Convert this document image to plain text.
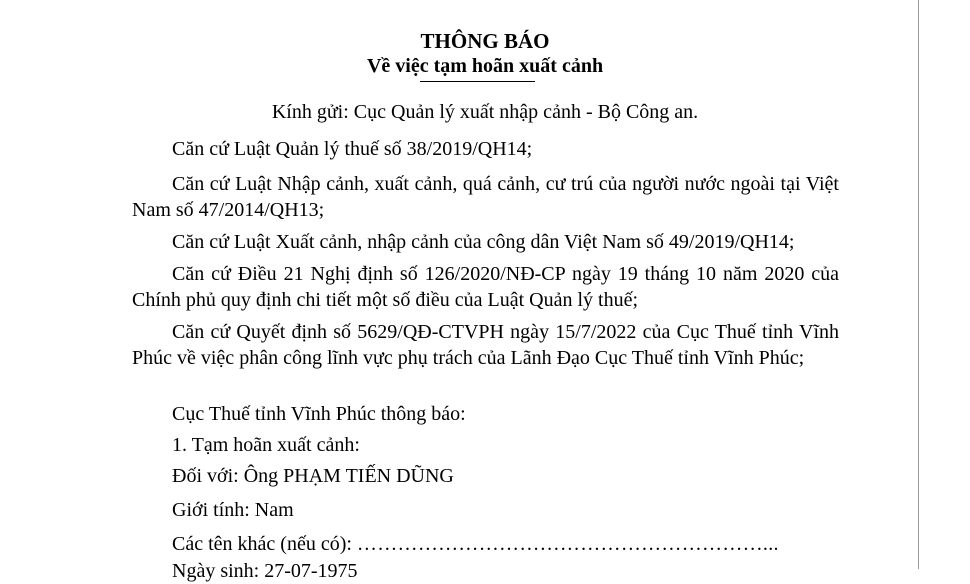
THÔNG BÁO
Về việc tạm hoãn xuất cảnh
Kính gửi: Cục Quản lý xuất nhập cảnh - Bộ Công an.
Căn cứ Luật Quản lý thuế số 38/2019/QH14;
Căn cứ Luật Nhập cảnh, xuất cảnh, quá cảnh, cư trú của người nước ngoài tại Việt Nam số 47/2014/QH13;
Căn cứ Luật Xuất cảnh, nhập cảnh của công dân Việt Nam số 49/2019/QH14;
Căn cứ Điều 21 Nghị định số 126/2020/NĐ-CP ngày 19 tháng 10 năm 2020 của Chính phủ quy định chi tiết một số điều của Luật Quản lý thuế;
Căn cứ Quyết định số 5629/QĐ-CTVPH ngày 15/7/2022 của Cục Thuế tỉnh Vĩnh Phúc về việc phân công lĩnh vực phụ trách của Lãnh Đạo Cục Thuế tỉnh Vĩnh Phúc;
Cục Thuế tỉnh Vĩnh Phúc thông báo:
1. Tạm hoãn xuất cảnh:
Đối với: Ông PHẠM TIẾN DŨNG
Giới tính: Nam
Các tên khác (nếu có): ……………………………………………………...
Ngày sinh: 27-07-1975
